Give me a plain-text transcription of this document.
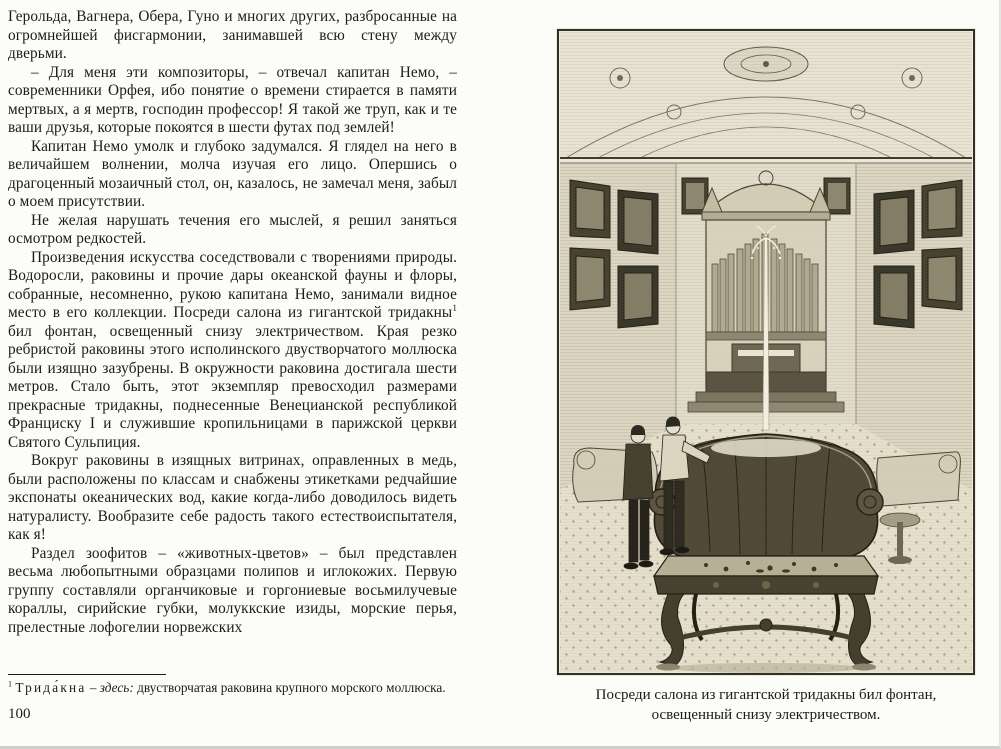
Герольда, Вагнера, Обера, Гуно и многих других, разбросанные на огромнейшей фисгармонии, занимавшей всю стену между дверьми.

– Для меня эти композиторы, – отвечал капитан Немо, – современники Орфея, ибо понятие о времени стирается в памяти мертвых, а я мертв, господин профессор! Я такой же труп, как и те ваши друзья, которые покоятся в шести футах под землей!

Капитан Немо умолк и глубоко задумался. Я глядел на него в величайшем волнении, молча изучая его лицо. Опершись о драгоценный мозаичный стол, он, казалось, не замечал меня, забыл о моем присутствии.

Не желая нарушать течения его мыслей, я решил заняться осмотром редкостей.

Произведения искусства соседствовали с творениями природы. Водоросли, раковины и прочие дары океанской фауны и флоры, собранные, несомненно, рукою капитана Немо, занимали видное место в его коллекции. Посреди салона из гигантской тридакны$^1$ бил фонтан, освещенный снизу электричеством. Края резко ребристой раковины этого исполинского двустворчатого моллюска были изящно зазубрены. В окружности раковина достигала шести метров. Стало быть, этот экземпляр превосходил размерами прекрасные тридакны, поднесенные Венецианской республикой Франциску I и служившие кропильницами в парижской церкви Святого Сульпиция.

Вокруг раковины в изящных витринах, оправленных в медь, были расположены по классам и снабжены этикетками редчайшие экспонаты океанических вод, какие когда-либо доводилось видеть натуралисту. Вообразите себе радость такого естествоиспытателя, как я!

Раздел зоофитов – «животных-цветов» – был представлен весьма любопытными образцами полипов и иглокожих. Первую группу составляли органчиковые и горгониевые восьмилучевые кораллы, сирийские губки, молуккские изиды, морские перья, прелестные лофогелии норвежских

$^1$ Трида́кна – здесь: двустворчатая раковина крупного морского моллюска.

100
Посреди салона из гигантской тридакны бил фонтан,
освещенный снизу электричеством.
